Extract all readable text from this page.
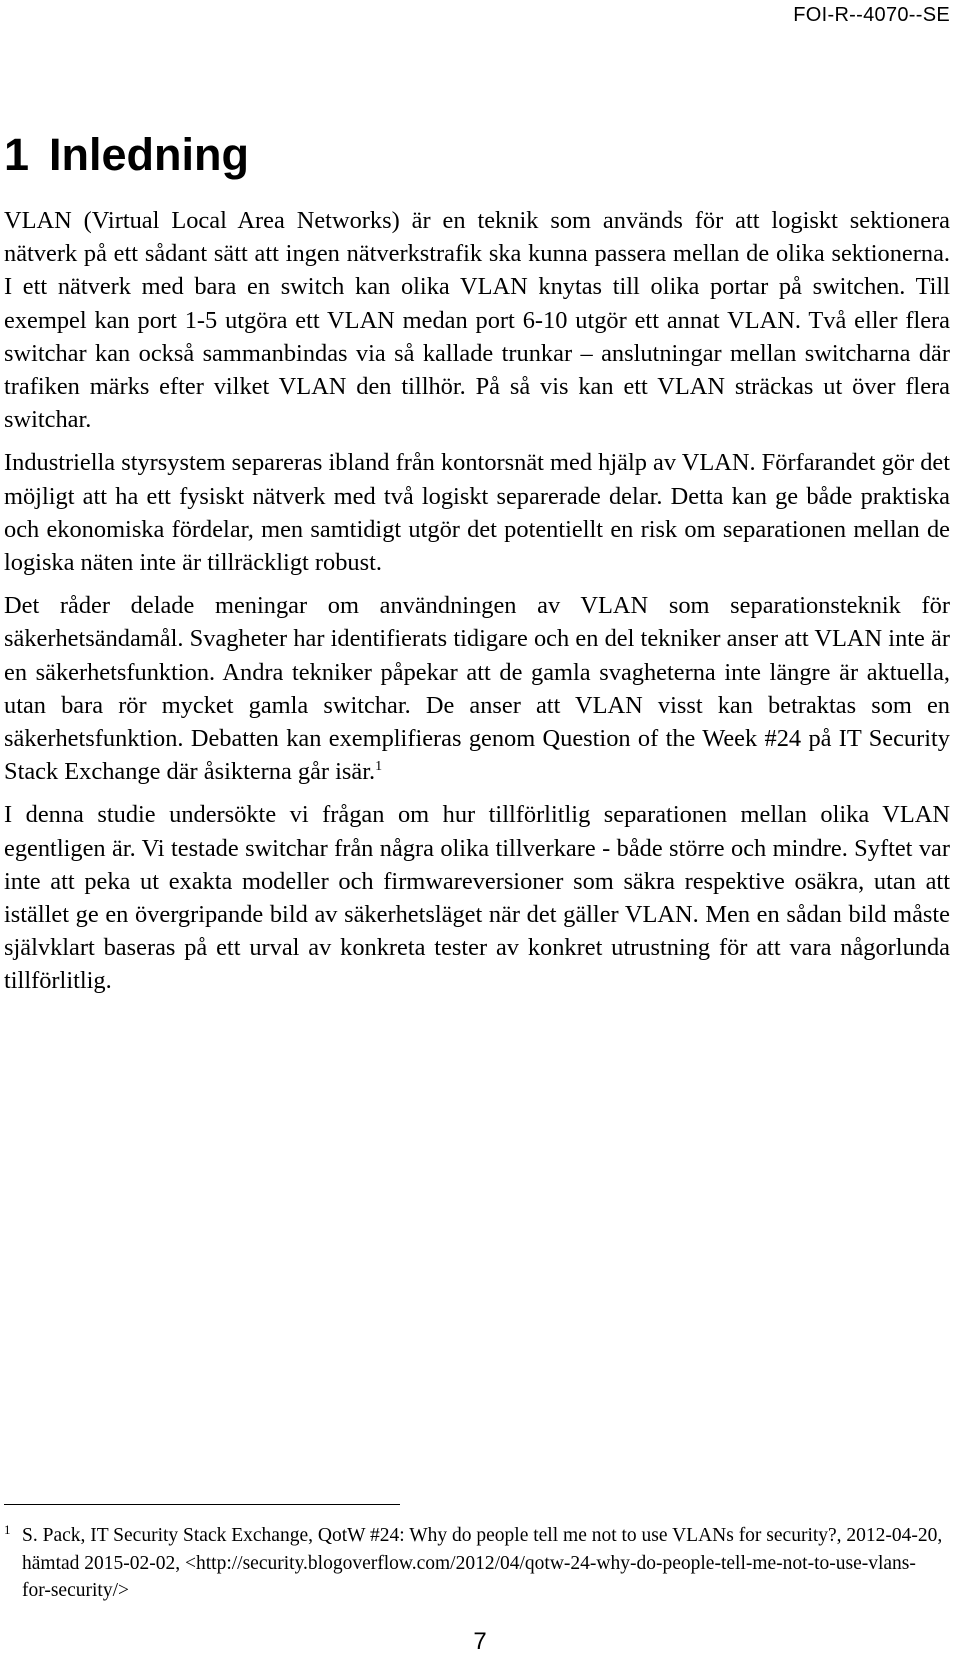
FOI-R--4070--SE
1 Inledning

VLAN (Virtual Local Area Networks) är en teknik som används för att logiskt sektionera nätverk på ett sådant sätt att ingen nätverkstrafik ska kunna passera mellan de olika sektionerna. I ett nätverk med bara en switch kan olika VLAN knytas till olika portar på switchen. Till exempel kan port 1-5 utgöra ett VLAN medan port 6-10 utgör ett annat VLAN. Två eller flera switchar kan också sammanbindas via så kallade trunkar – anslutningar mellan switcharna där trafiken märks efter vilket VLAN den tillhör. På så vis kan ett VLAN sträckas ut över flera switchar.

Industriella styrsystem separeras ibland från kontorsnät med hjälp av VLAN. Förfarandet gör det möjligt att ha ett fysiskt nätverk med två logiskt separerade delar. Detta kan ge både praktiska och ekonomiska fördelar, men samtidigt utgör det potentiellt en risk om separationen mellan de logiska näten inte är tillräckligt robust.

Det råder delade meningar om användningen av VLAN som separationsteknik för säkerhetsändamål. Svagheter har identifierats tidigare och en del tekniker anser att VLAN inte är en säkerhetsfunktion. Andra tekniker påpekar att de gamla svagheterna inte längre är aktuella, utan bara rör mycket gamla switchar. De anser att VLAN visst kan betraktas som en säkerhetsfunktion. Debatten kan exemplifieras genom Question of the Week #24 på IT Security Stack Exchange där åsikterna går isär.$^1$

I denna studie undersökte vi frågan om hur tillförlitlig separationen mellan olika VLAN egentligen är. Vi testade switchar från några olika tillverkare - både större och mindre. Syftet var inte att peka ut exakta modeller och firmwareversioner som säkra respektive osäkra, utan att istället ge en övergripande bild av säkerhetsläget när det gäller VLAN. Men en sådan bild måste självklart baseras på ett urval av konkreta tester av konkret utrustning för att vara någorlunda tillförlitlig.

1 S. Pack, IT Security Stack Exchange, QotW #24: Why do people tell me not to use VLANs for security?, 2012-04-20, hämtad 2015-02-02, <http://security.blogoverflow.com/2012/04/qotw-24-why-do-people-tell-me-not-to-use-vlans-for-security/>
7
